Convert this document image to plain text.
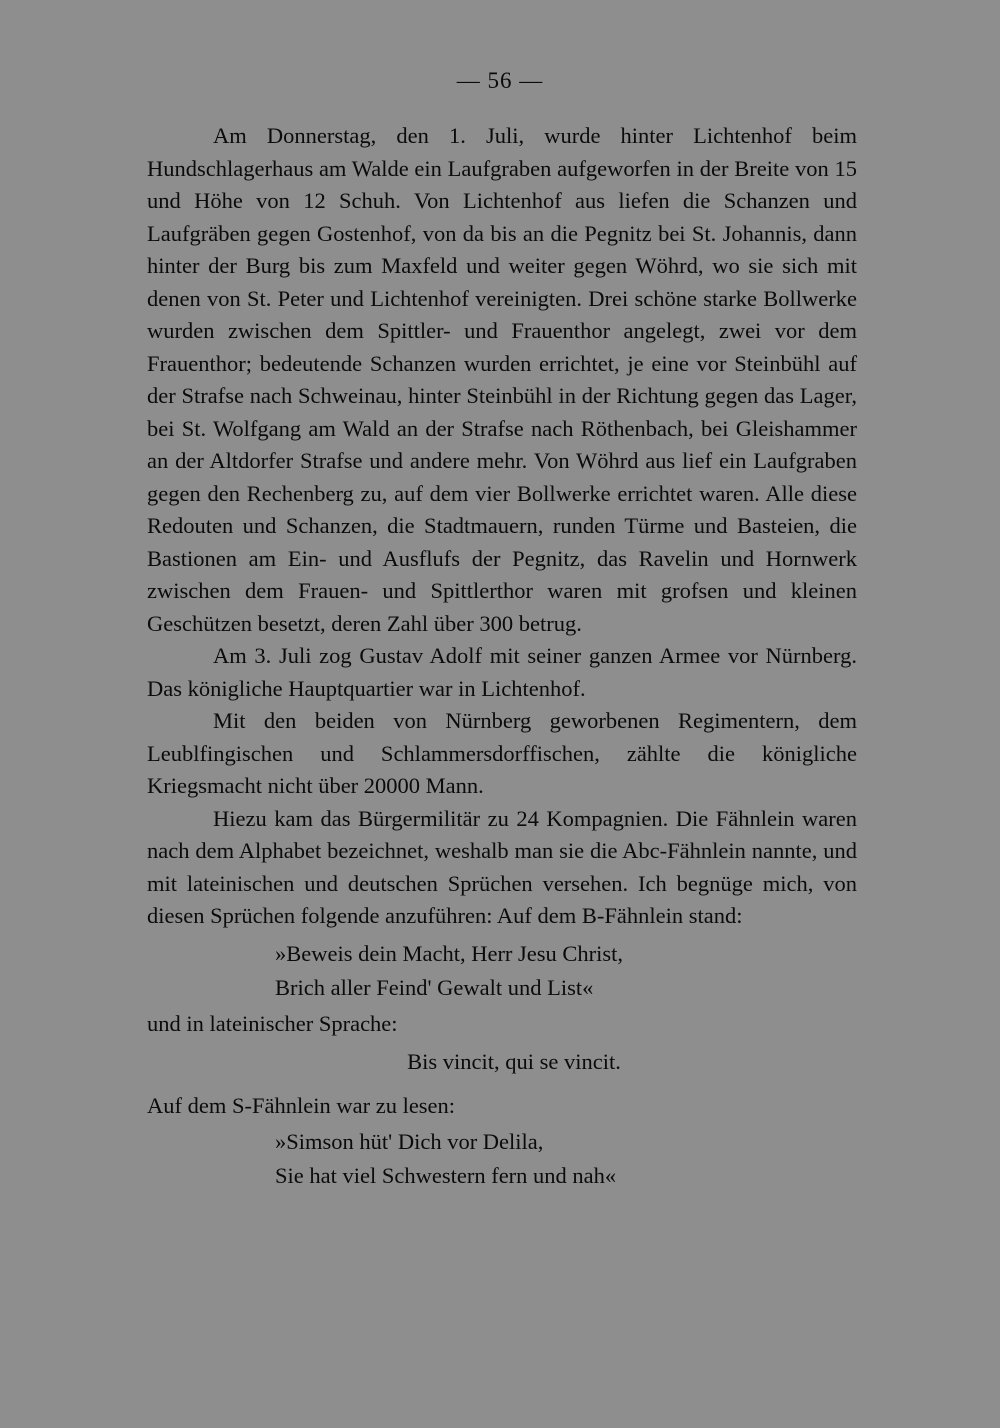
— 56 —

Am Donnerstag, den 1. Juli, wurde hinter Lichtenhof beim Hundschlagerhaus am Walde ein Laufgraben aufgeworfen in der Breite von 15 und Höhe von 12 Schuh. Von Lichtenhof aus liefen die Schanzen und Laufgräben gegen Gostenhof, von da bis an die Pegnitz bei St. Johannis, dann hinter der Burg bis zum Maxfeld und weiter gegen Wöhrd, wo sie sich mit denen von St. Peter und Lichtenhof vereinigten. Drei schöne starke Bollwerke wurden zwischen dem Spittler- und Frauenthor angelegt, zwei vor dem Frauenthor; bedeutende Schanzen wurden errichtet, je eine vor Steinbühl auf der Strafse nach Schweinau, hinter Steinbühl in der Richtung gegen das Lager, bei St. Wolfgang am Wald an der Strafse nach Röthenbach, bei Gleishammer an der Altdorfer Strafse und andere mehr. Von Wöhrd aus lief ein Laufgraben gegen den Rechenberg zu, auf dem vier Bollwerke errichtet waren. Alle diese Redouten und Schanzen, die Stadtmauern, runden Türme und Basteien, die Bastionen am Ein- und Ausflufs der Pegnitz, das Ravelin und Hornwerk zwischen dem Frauen- und Spittlerthor waren mit grofsen und kleinen Geschützen besetzt, deren Zahl über 300 betrug.

Am 3. Juli zog Gustav Adolf mit seiner ganzen Armee vor Nürnberg. Das königliche Hauptquartier war in Lichtenhof.

Mit den beiden von Nürnberg geworbenen Regimentern, dem Leublfingischen und Schlammersdorffischen, zählte die königliche Kriegsmacht nicht über 20000 Mann.

Hiezu kam das Bürgermilitär zu 24 Kompagnien. Die Fähnlein waren nach dem Alphabet bezeichnet, weshalb man sie die Abc-Fähnlein nannte, und mit lateinischen und deutschen Sprüchen versehen. Ich begnüge mich, von diesen Sprüchen folgende anzuführen: Auf dem B-Fähnlein stand:

»Beweis dein Macht, Herr Jesu Christ,
Brich aller Feind' Gewalt und List«

und in lateinischer Sprache:

Bis vincit, qui se vincit.

Auf dem S-Fähnlein war zu lesen:

»Simson hüt' Dich vor Delila,
Sie hat viel Schwestern fern und nah«
